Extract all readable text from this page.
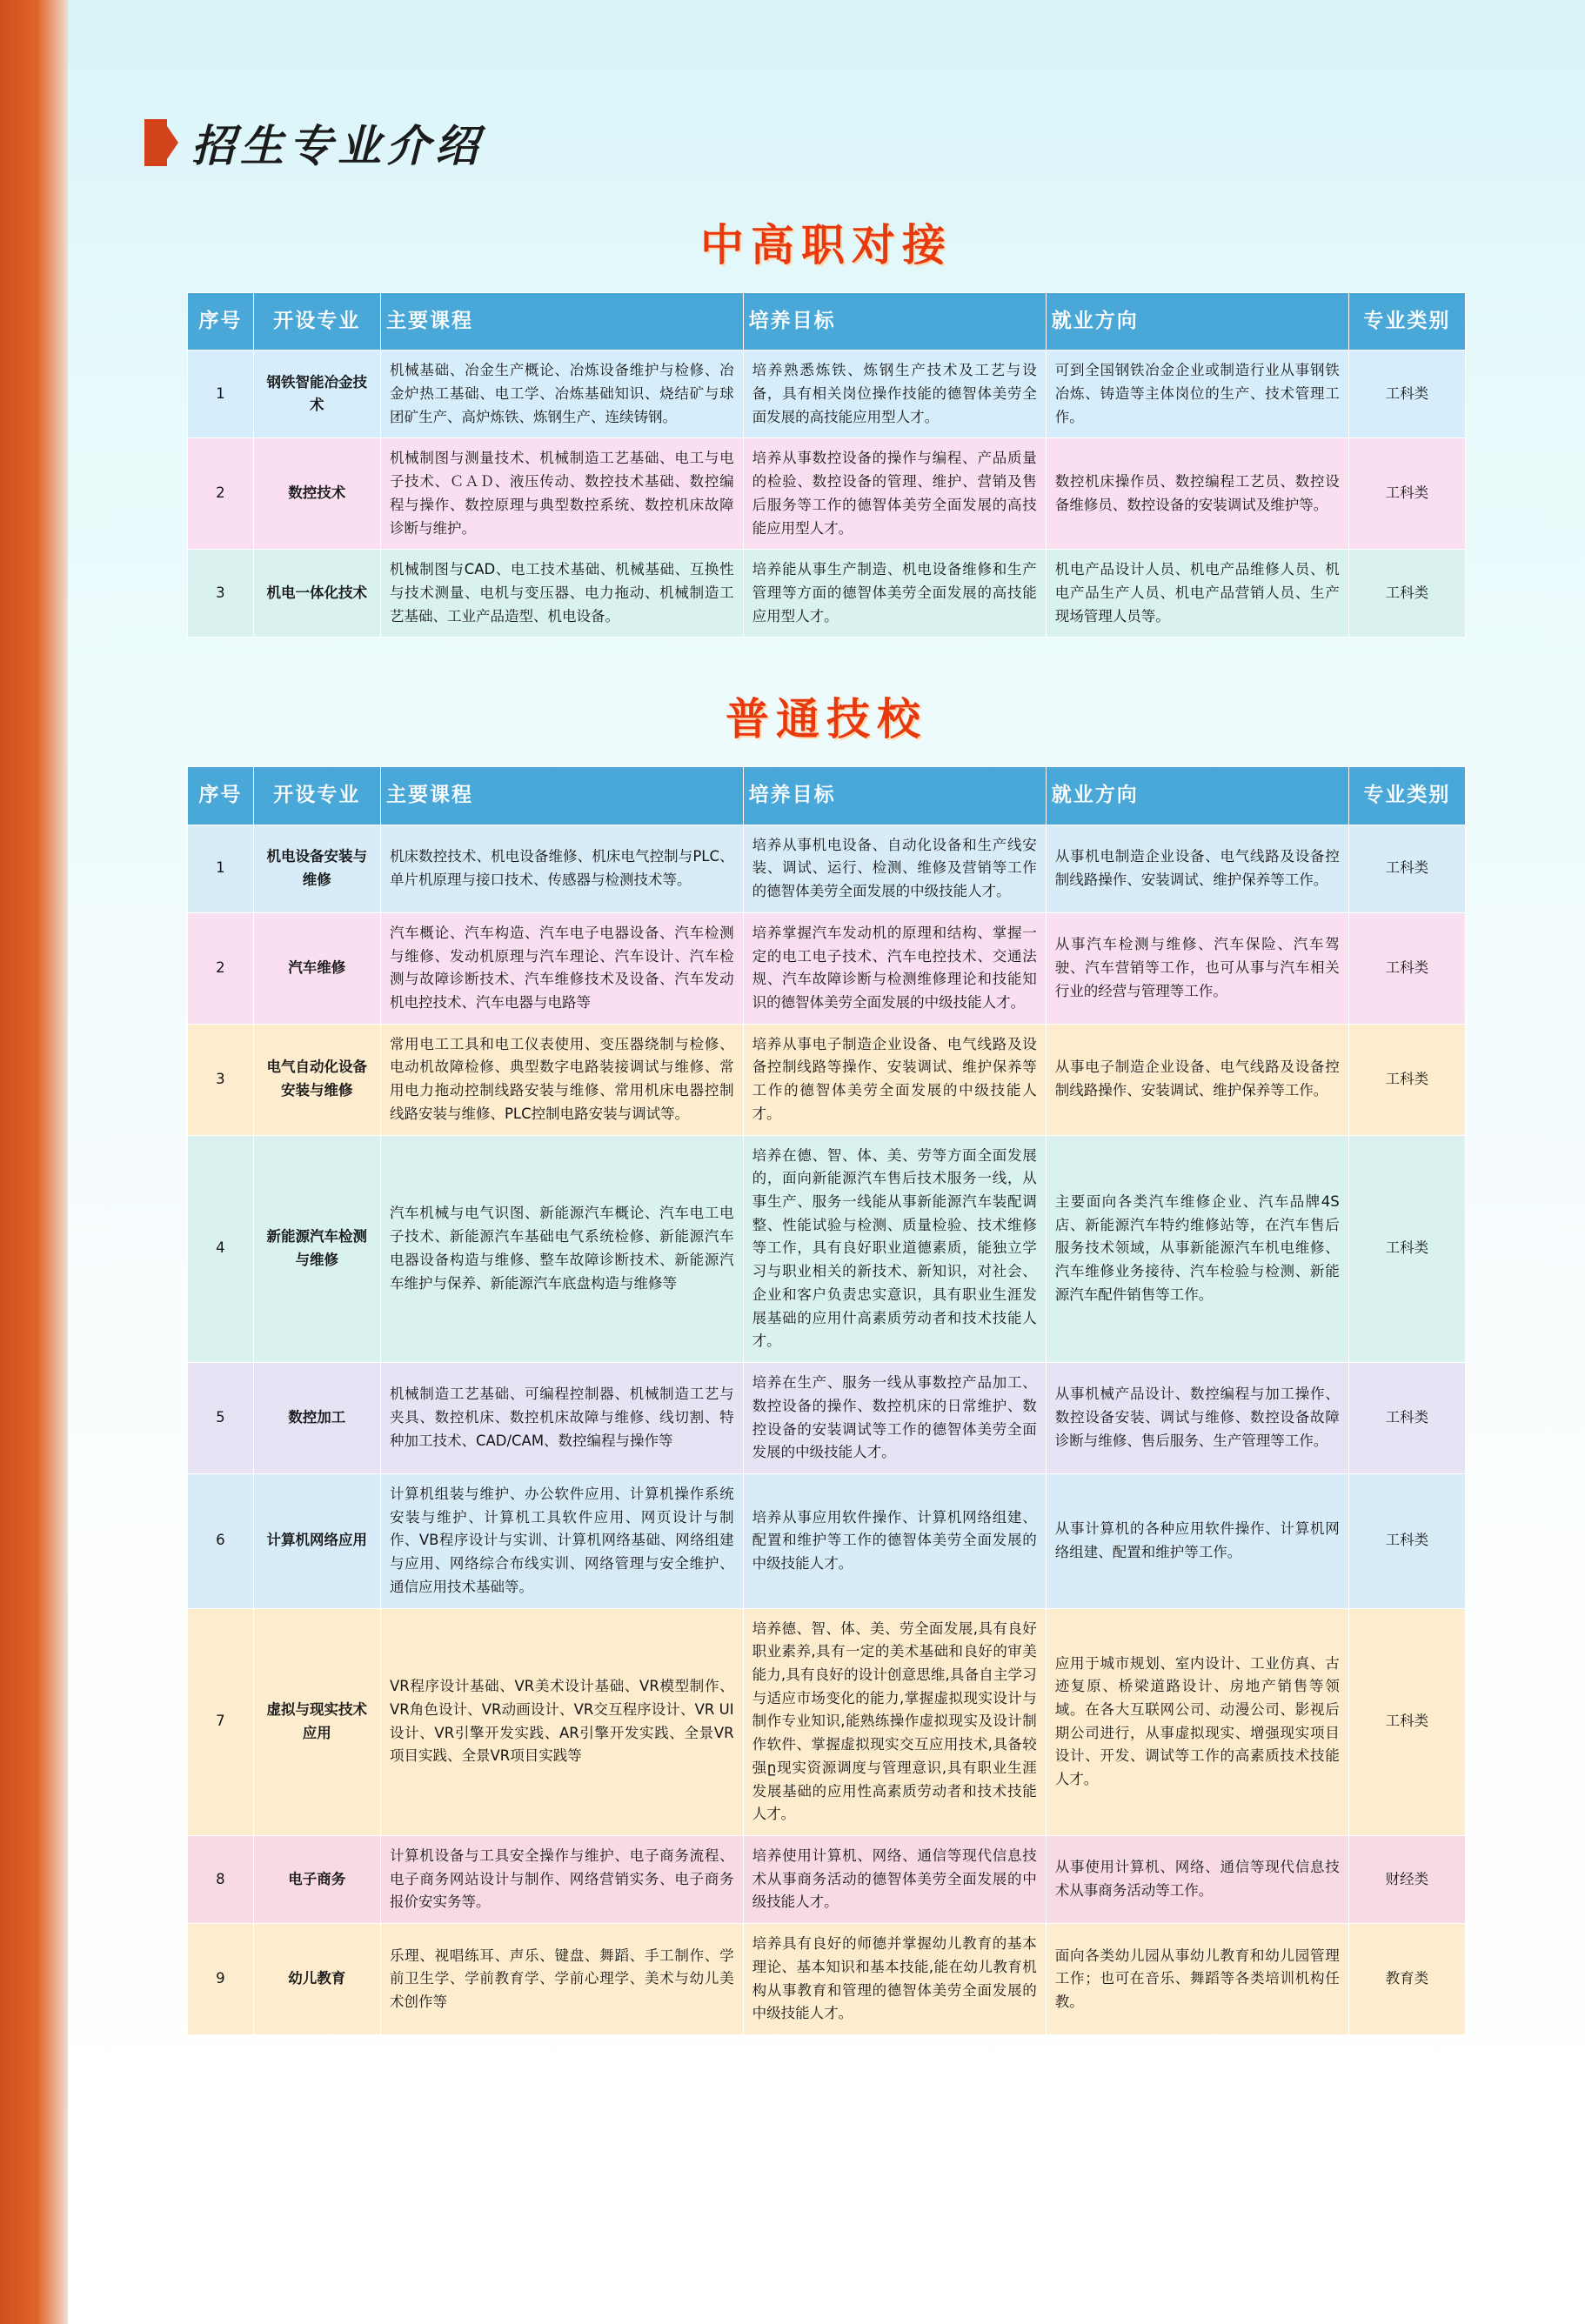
招生专业介绍
中高职对接
序号	开设专业	主要课程	培养目标	就业方向	专业类别
1	钢铁智能冶金技术	机械基础、冶金生产概论、冶炼设备维护与检修、冶金炉热工基础、电工学、冶炼基础知识、烧结矿与球团矿生产、高炉炼铁、炼钢生产、连续铸钢。	培养熟悉炼铁、炼钢生产技术及工艺与设备，具有相关岗位操作技能的德智体美劳全面发展的高技能应用型人才。	可到全国钢铁冶金企业或制造行业从事钢铁冶炼、铸造等主体岗位的生产、技术管理工作。	工科类
2	数控技术	机械制图与测量技术、机械制造工艺基础、电工与电子技术、ＣＡＤ、液压传动、数控技术基础、数控编程与操作、数控原理与典型数控系统、数控机床故障诊断与维护。	培养从事数控设备的操作与编程、产品质量的检验、数控设备的管理、维护、营销及售后服务等工作的德智体美劳全面发展的高技能应用型人才。	数控机床操作员、数控编程工艺员、数控设备维修员、数控设备的安装调试及维护等。	工科类
3	机电一体化技术	机械制图与CAD、电工技术基础、机械基础、互换性与技术测量、电机与变压器、电力拖动、机械制造工艺基础、工业产品造型、机电设备。	培养能从事生产制造、机电设备维修和生产管理等方面的德智体美劳全面发展的高技能应用型人才。	机电产品设计人员、机电产品维修人员、机电产品生产人员、机电产品营销人员、生产现场管理人员等。	工科类
普通技校
序号	开设专业	主要课程	培养目标	就业方向	专业类别
1	机电设备安装与维修	机床数控技术、机电设备维修、机床电气控制与PLC、单片机原理与接口技术、传感器与检测技术等。	培养从事机电设备、自动化设备和生产线安装、调试、运行、检测、维修及营销等工作的德智体美劳全面发展的中级技能人才。	从事机电制造企业设备、电气线路及设备控制线路操作、安装调试、维护保养等工作。	工科类
2	汽车维修	汽车概论、汽车构造、汽车电子电器设备、汽车检测与维修、发动机原理与汽车理论、汽车设计、汽车检测与故障诊断技术、汽车维修技术及设备、汽车发动机电控技术、汽车电器与电路等	培养掌握汽车发动机的原理和结构、掌握一定的电工电子技术、汽车电控技术、交通法规、汽车故障诊断与检测维修理论和技能知识的德智体美劳全面发展的中级技能人才。	从事汽车检测与维修、汽车保险、汽车驾驶、汽车营销等工作，也可从事与汽车相关行业的经营与管理等工作。	工科类
3	电气自动化设备安装与维修	常用电工工具和电工仪表使用、变压器绕制与检修、电动机故障检修、典型数字电路装接调试与维修、常用电力拖动控制线路安装与维修、常用机床电器控制线路安装与维修、PLC控制电路安装与调试等。	培养从事电子制造企业设备、电气线路及设备控制线路等操作、安装调试、维护保养等工作的德智体美劳全面发展的中级技能人才。	从事电子制造企业设备、电气线路及设备控制线路操作、安装调试、维护保养等工作。	工科类
4	新能源汽车检测与维修	汽车机械与电气识图、新能源汽车概论、汽车电工电子技术、新能源汽车基础电气系统检修、新能源汽车电器设备构造与维修、整车故障诊断技术、新能源汽车维护与保养、新能源汽车底盘构造与维修等	培养在德、智、体、美、劳等方面全面发展的，面向新能源汽车售后技术服务一线，从事生产、服务一线能从事新能源汽车装配调整、性能试验与检测、质量检验、技术维修等工作，具有良好职业道德素质，能独立学习与职业相关的新技术、新知识，对社会、企业和客户负责忠实意识，具有职业生涯发展基础的应用什高素质劳动者和技术技能人才。	主要面向各类汽车维修企业、汽车品牌4S店、新能源汽车特约维修站等，在汽车售后服务技术领域，从事新能源汽车机电维修、汽车维修业务接待、汽车检验与检测、新能源汽车配件销售等工作。	工科类
5	数控加工	机械制造工艺基础、可编程控制器、机械制造工艺与夹具、数控机床、数控机床故障与维修、线切割、特种加工技术、CAD/CAM、数控编程与操作等	培养在生产、服务一线从事数控产品加工、数控设备的操作、数控机床的日常维护、数控设备的安装调试等工作的德智体美劳全面发展的中级技能人才。	从事机械产品设计、数控编程与加工操作、数控设备安装、调试与维修、数控设备故障诊断与维修、售后服务、生产管理等工作。	工科类
6	计算机网络应用	计算机组装与维护、办公软件应用、计算机操作系统安装与维护、计算机工具软件应用、网页设计与制作、VB程序设计与实训、计算机网络基础、网络组建与应用、网络综合布线实训、网络管理与安全维护、通信应用技术基础等。	培养从事应用软件操作、计算机网络组建、配置和维护等工作的德智体美劳全面发展的中级技能人才。	从事计算机的各种应用软件操作、计算机网络组建、配置和维护等工作。	工科类
7	虚拟与现实技术应用	VR程序设计基础、VR美术设计基础、VR模型制作、VR角色设计、VR动画设计、VR交互程序设计、VR UI设计、VR引擎开发实践、AR引擎开发实践、全景VR项目实践、全景VR项目实践等	培养德、智、体、美、劳全面发展,具有良好职业素养,具有一定的美术基础和良好的审美能力,具有良好的设计创意思维,具备自主学习与适应市场变化的能力,掌握虚拟现实设计与制作专业知识,能熟练操作虚拟现实及设计制作软件、掌握虚拟现实交互应用技术,具备较强ը现实资源调度与管理意识,具有职业生涯发展基础的应用性高素质劳动者和技术技能人才。	应用于城市规划、室内设计、工业仿真、古迹复原、桥梁道路设计、房地产销售等领域。在各大互联网公司、动漫公司、影视后期公司进行，从事虚拟现实、增强现实项目设计、开发、调试等工作的高素质技术技能人才。	工科类
8	电子商务	计算机设备与工具安全操作与维护、电子商务流程、电子商务网站设计与制作、网络营销实务、电子商务报价安实务等。	培养使用计算机、网络、通信等现代信息技术从事商务活动的德智体美劳全面发展的中级技能人才。	从事使用计算机、网络、通信等现代信息技术从事商务活动等工作。	财经类
9	幼儿教育	乐理、视唱练耳、声乐、键盘、舞蹈、手工制作、学前卫生学、学前教育学、学前心理学、美术与幼儿美术创作等	培养具有良好的师德并掌握幼儿教育的基本理论、基本知识和基本技能,能在幼儿教育机构从事教育和管理的德智体美劳全面发展的中级技能人才。	面向各类幼儿园从事幼儿教育和幼儿园管理工作；也可在音乐、舞蹈等各类培训机构任教。	教育类
